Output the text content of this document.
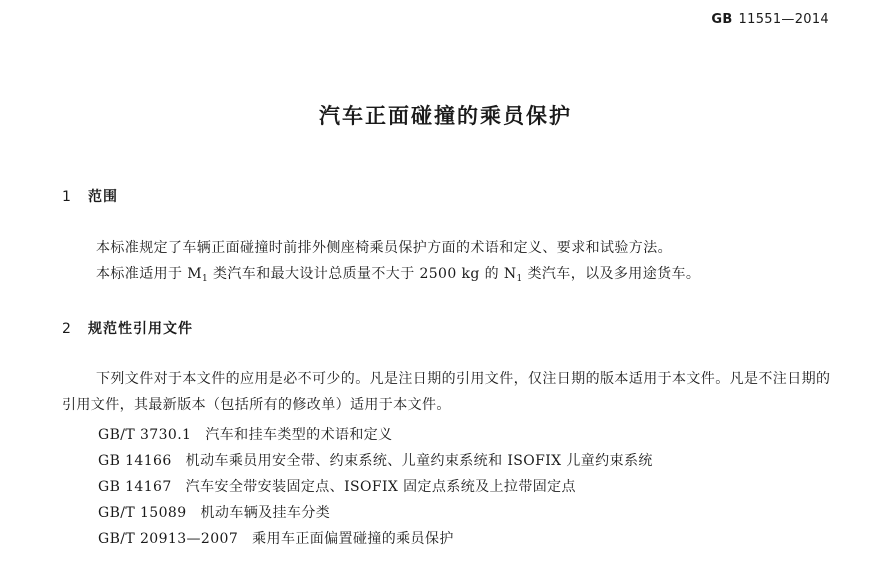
GB 11551—2014
汽车正面碰撞的乘员保护
1 范围
本标准规定了车辆正面碰撞时前排外侧座椅乘员保护方面的术语和定义、要求和试验方法。
本标准适用于 $M_1$ 类汽车和最大设计总质量不大于 2500 kg 的 $N_1$ 类汽车，以及多用途货车。
2 规范性引用文件
下列文件对于本文件的应用是必不可少的。凡是注日期的引用文件，仅注日期的版本适用于本文件。凡是不注日期的引用文件，其最新版本（包括所有的修改单）适用于本文件。
GB/T 3730.1 汽车和挂车类型的术语和定义
GB 14166 机动车乘员用安全带、约束系统、儿童约束系统和 ISOFIX 儿童约束系统
GB 14167 汽车安全带安装固定点、ISOFIX 固定点系统及上拉带固定点
GB/T 15089 机动车辆及挂车分类
GB/T 20913—2007 乘用车正面偏置碰撞的乘员保护
